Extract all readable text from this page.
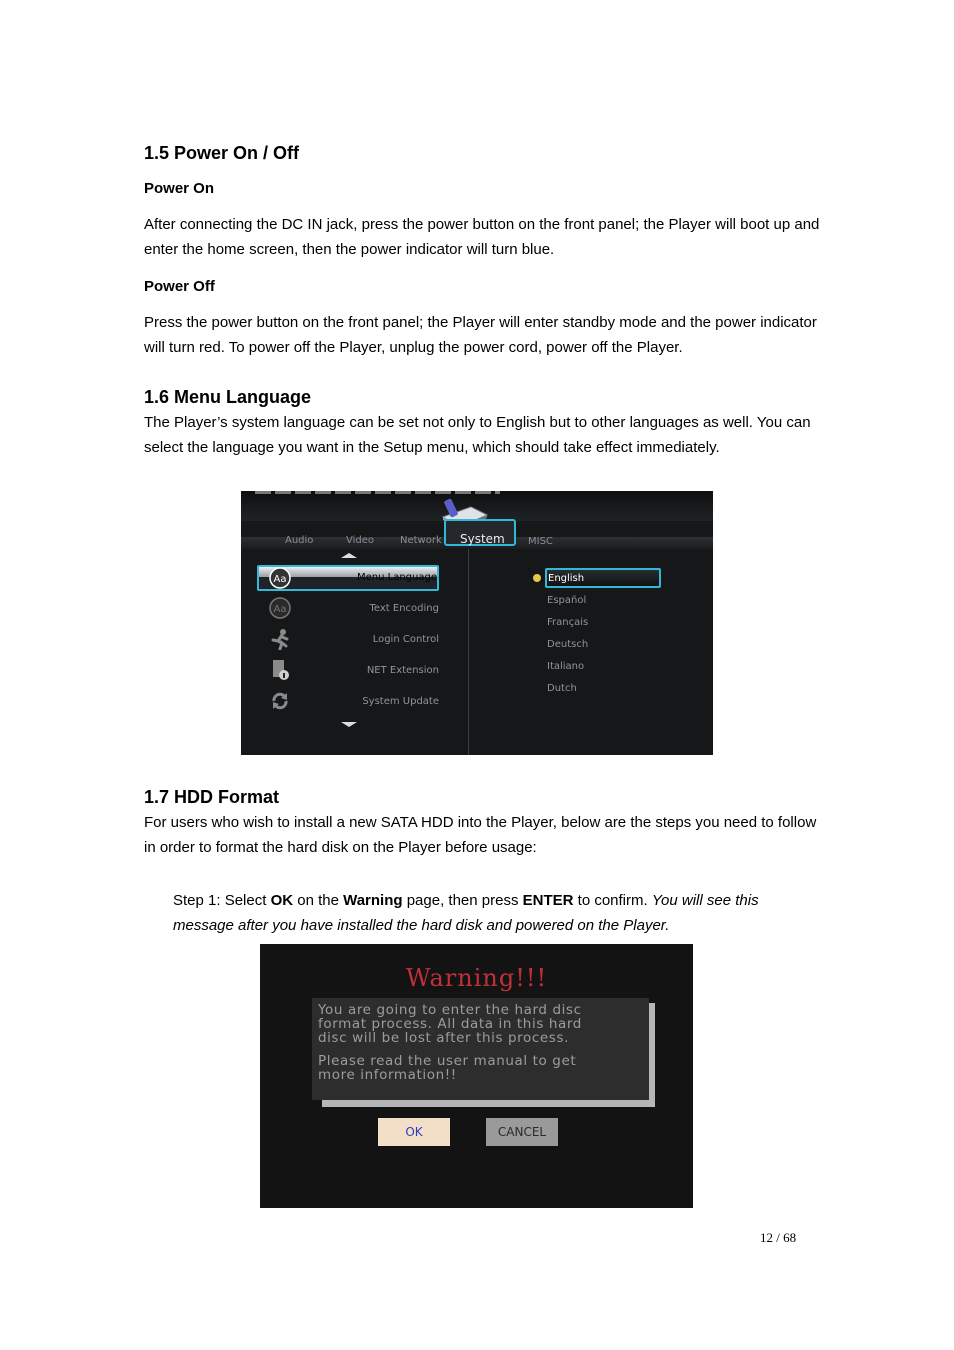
1.5 Power On / Off
Power On

After connecting the DC IN jack, press the power button on the front panel; the Player will boot up and enter the home screen, then the power indicator will turn blue.

Power Off

Press the power button on the front panel; the Player will enter standby mode and the power indicator will turn red. To power off the Player, unplug the power cord, power off the Player.

1.6 Menu Language

The Player’s system language can be set not only to English but to other languages as well. You can select the language you want in the Setup menu, which should take effect immediately.

Audio	Video	Network System MISC
Aa	Menu Language
Aa	Text Encoding
Login Control
NET Extension
System Update
English
Español
Français
Deutsch
Italiano
Dutch
1.7 HDD Format

For users who wish to install a new SATA HDD into the Player, below are the steps you need to follow in order to format the hard disk on the Player before usage:

Step 1: Select OK on the Warning page, then press ENTER to confirm. You will see this message after you have installed the hard disk and powered on the Player.

Warning!!!

You are going to enter the hard disc

format process. All data in this hard

disc will be lost after this process.

Please read the user manual to get

more information!!

OK	CANCEL
12 / 68
